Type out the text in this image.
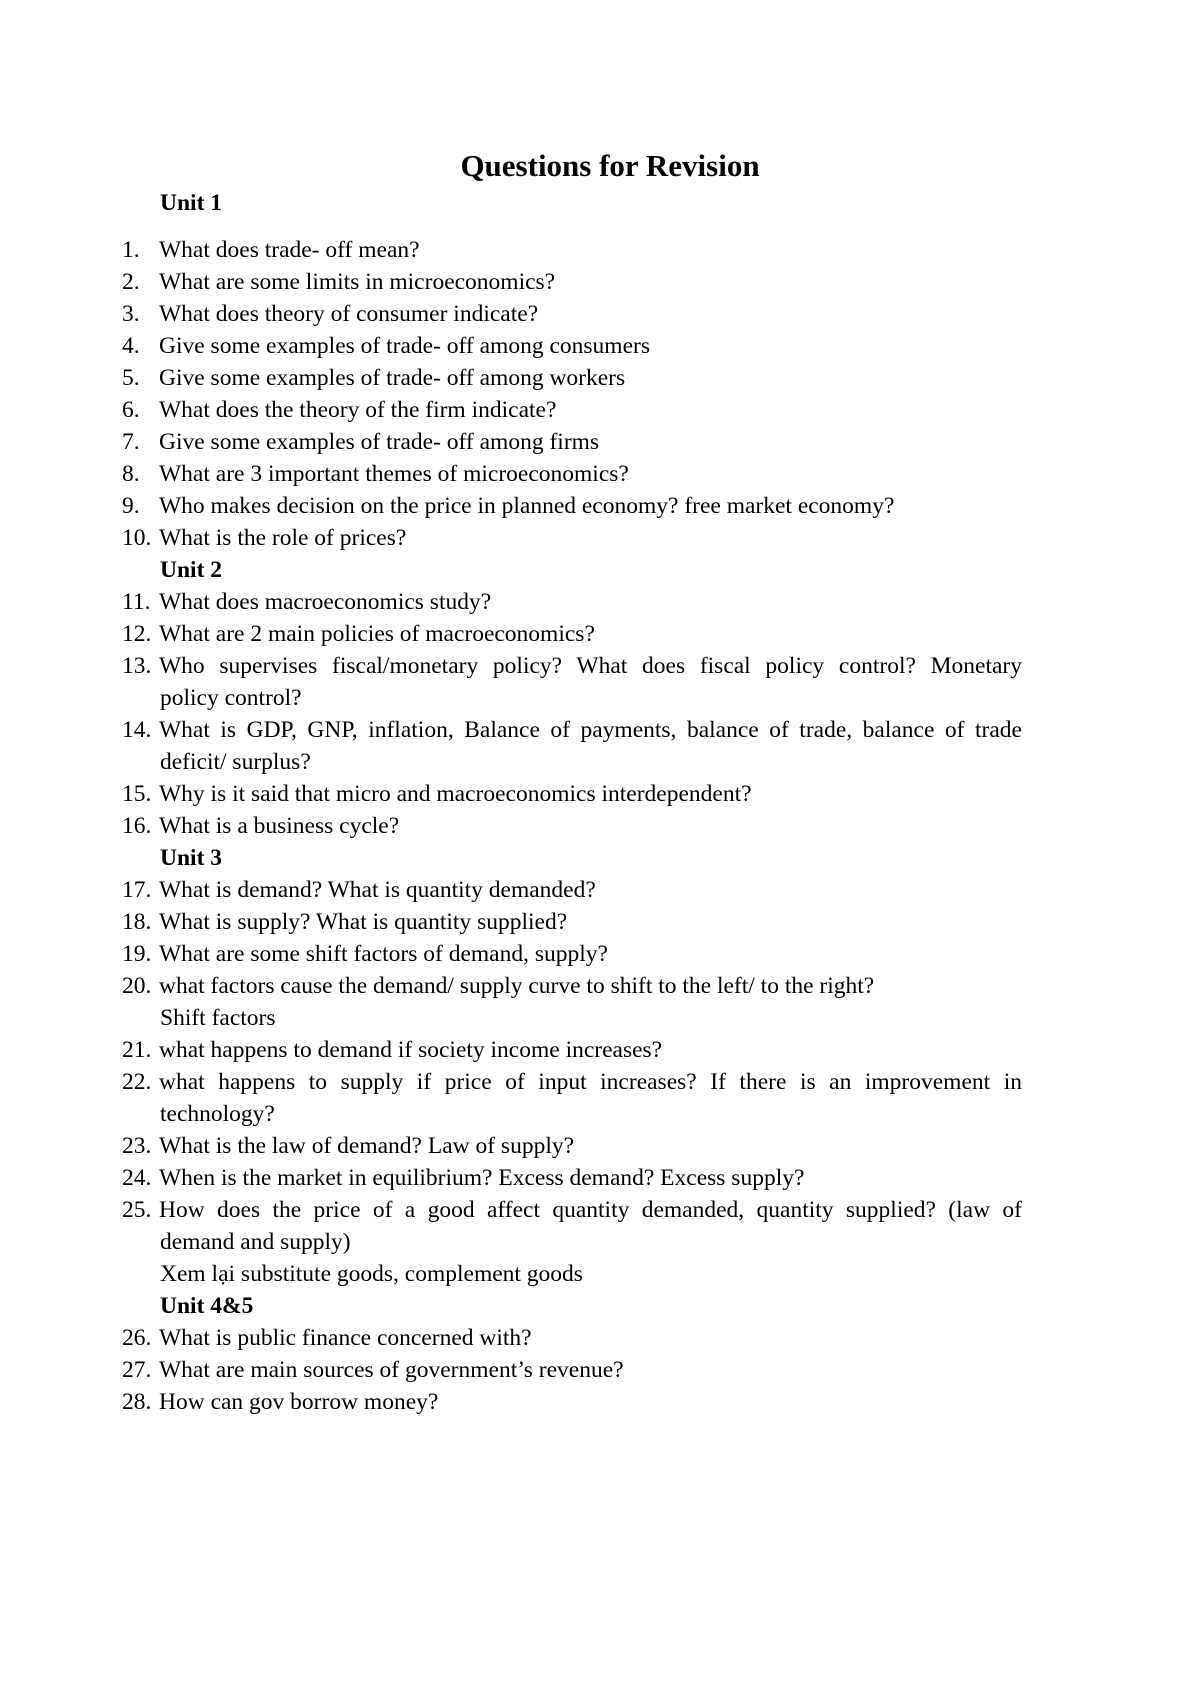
Questions for Revision
Unit 1
1. What does trade- off mean?
2. What are some limits in microeconomics?
3. What does theory of consumer indicate?
4. Give some examples of trade- off among consumers
5. Give some examples of trade- off among workers
6. What does the theory of the firm indicate?
7. Give some examples of trade- off among firms
8. What are 3 important themes of microeconomics?
9. Who makes decision on the price in planned economy? free market economy?
10. What is the role of prices?
Unit 2
11. What does macroeconomics study?
12. What are 2 main policies of macroeconomics?
13. Who supervises fiscal/monetary policy? What does fiscal policy control? Monetary
policy control?
14. What is GDP, GNP, inflation, Balance of payments, balance of trade, balance of trade
deficit/ surplus?
15. Why is it said that micro and macroeconomics interdependent?
16. What is a business cycle?
Unit 3
17. What is demand? What is quantity demanded?
18. What is supply? What is quantity supplied?
19. What are some shift factors of demand, supply?
20. what factors cause the demand/ supply curve to shift to the left/ to the right?
Shift factors
21. what happens to demand if society income increases?
22. what happens to supply if price of input increases? If there is an improvement in
technology?
23. What is the law of demand? Law of supply?
24. When is the market in equilibrium? Excess demand? Excess supply?
25. How does the price of a good affect quantity demanded, quantity supplied? (law of
demand and supply)
Xem lại substitute goods, complement goods
Unit 4&5
26. What is public finance concerned with?
27. What are main sources of government’s revenue?
28. How can gov borrow money?
